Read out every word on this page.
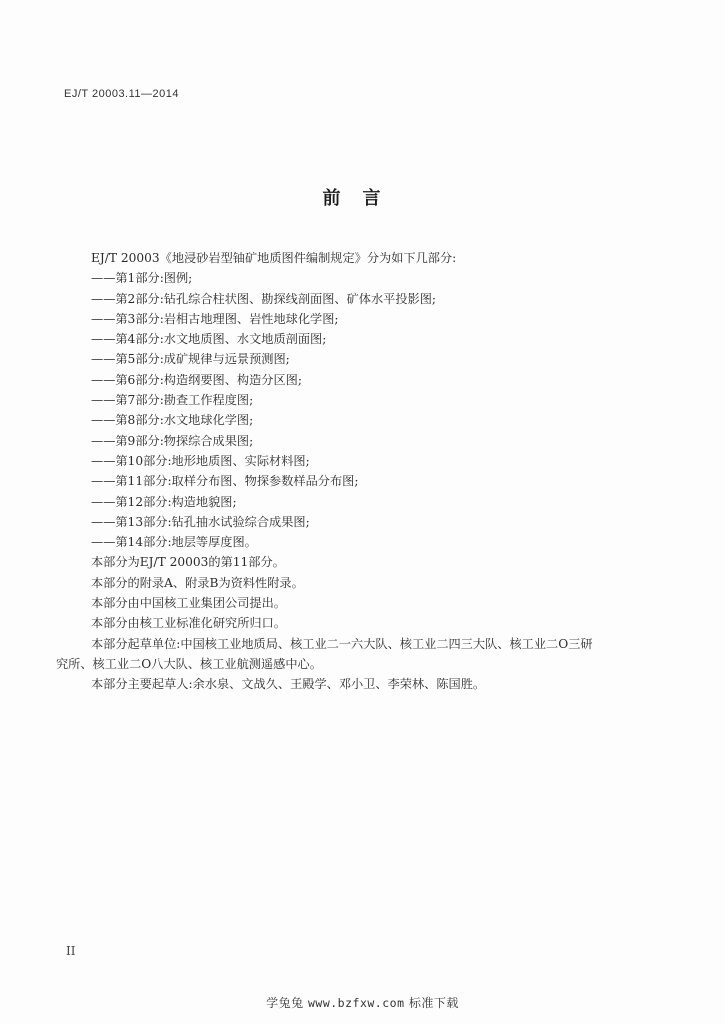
EJ/T 20003.11—2014
前言
EJ/T 20003《地浸砂岩型铀矿地质图件编制规定》分为如下几部分:
——第1部分:图例;
——第2部分:钻孔综合柱状图、勘探线剖面图、矿体水平投影图;
——第3部分:岩相古地理图、岩性地球化学图;
——第4部分:水文地质图、水文地质剖面图;
——第5部分:成矿规律与远景预测图;
——第6部分:构造纲要图、构造分区图;
——第7部分:勘查工作程度图;
——第8部分:水文地球化学图;
——第9部分:物探综合成果图;
——第10部分:地形地质图、实际材料图;
——第11部分:取样分布图、物探参数样品分布图;
——第12部分:构造地貌图;
——第13部分:钻孔抽水试验综合成果图;
——第14部分:地层等厚度图。
本部分为EJ/T 20003的第11部分。
本部分的附录A、附录B为资料性附录。
本部分由中国核工业集团公司提出。
本部分由核工业标准化研究所归口。
本部分起草单位:中国核工业地质局、核工业二一六大队、核工业二四三大队、核工业二O三研
究所、核工业二O八大队、核工业航测遥感中心。
本部分主要起草人:余水泉、文战久、王殿学、邓小卫、李荣林、陈国胜。
II
学兔兔 www.bzfxw.com 标准下载
